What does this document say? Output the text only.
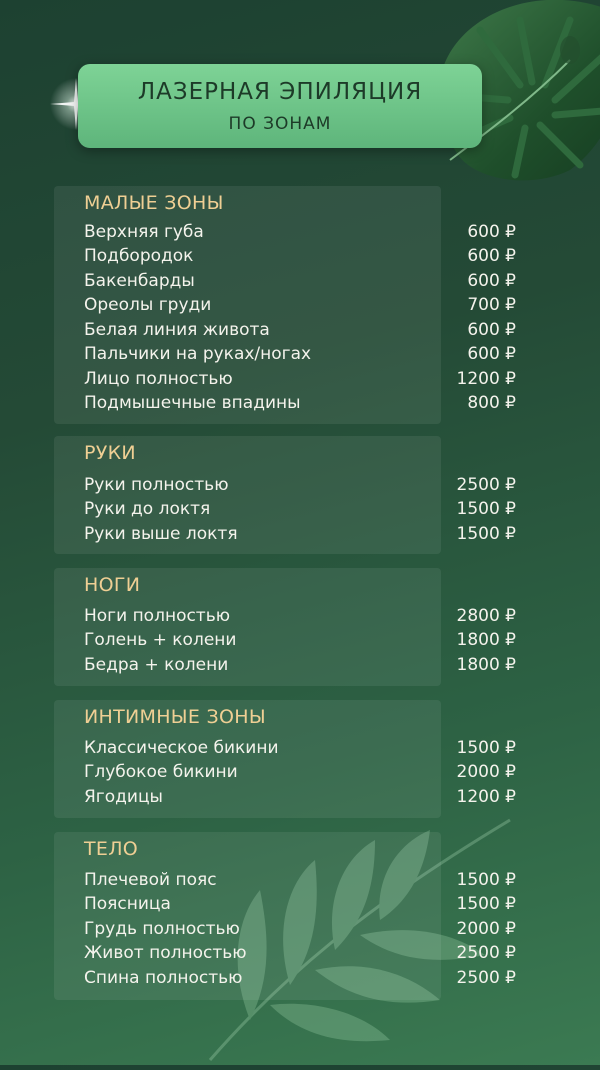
ЛАЗЕРНАЯ ЭПИЛЯЦИЯ
ПО ЗОНАМ
МАЛЫЕ ЗОНЫ
Верхняя губа	600 ₽
Подбородок	600 ₽
Бакенбарды	600 ₽
Ореолы груди	700 ₽
Белая линия живота	600 ₽
Пальчики на руках/ногах	600 ₽
Лицо полностью	1200 ₽
Подмышечные впадины	800 ₽
РУКИ
Руки полностью	2500 ₽
Руки до локтя	1500 ₽
Руки выше локтя	1500 ₽
НОГИ
Ноги полностью	2800 ₽
Голень + колени	1800 ₽
Бедра + колени	1800 ₽
ИНТИМНЫЕ ЗОНЫ
Классическое бикини	1500 ₽
Глубокое бикини	2000 ₽
Ягодицы	1200 ₽
ТЕЛО
Плечевой пояс	1500 ₽
Поясница	1500 ₽
Грудь полностью	2000 ₽
Живот полностью	2500 ₽
Спина полностью	2500 ₽
